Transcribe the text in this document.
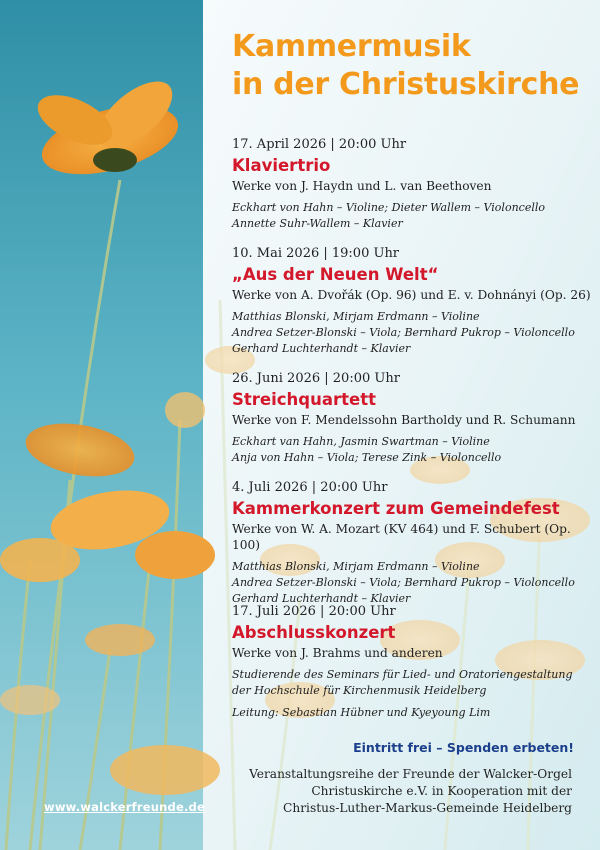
Kammermusik
in der Christuskirche
17. April 2026 | 20:00 Uhr
Klaviertrio
Werke von J. Haydn und L. van Beethoven
Eckhart von Hahn – Violine; Dieter Wallem – Violoncello
Annette Suhr-Wallem – Klavier
10. Mai 2026 | 19:00 Uhr
„Aus der Neuen Welt“
Werke von A. Dvořák (Op. 96) und E. v. Dohnányi (Op. 26)
Matthias Blonski, Mirjam Erdmann – Violine
Andrea Setzer-Blonski – Viola; Bernhard Pukrop – Violoncello
Gerhard Luchterhandt – Klavier
26. Juni 2026 | 20:00 Uhr
Streichquartett
Werke von F. Mendelssohn Bartholdy und R. Schumann
Eckhart van Hahn, Jasmin Swartman – Violine
Anja von Hahn – Viola; Terese Zink – Violoncello
4. Juli 2026 | 20:00 Uhr
Kammerkonzert zum Gemeindefest
Werke von W. A. Mozart (KV 464) und F. Schubert (Op. 100)
Matthias Blonski, Mirjam Erdmann – Violine
Andrea Setzer-Blonski – Viola; Bernhard Pukrop – Violoncello
Gerhard Luchterhandt – Klavier
17. Juli 2026 | 20:00 Uhr
Abschlusskonzert
Werke von J. Brahms und anderen
Studierende des Seminars für Lied- und Oratoriengestaltung
der Hochschule für Kirchenmusik Heidelberg
Leitung: Sebastian Hübner und Kyeyoung Lim
Eintritt frei – Spenden erbeten!
Veranstaltungsreihe der Freunde der Walcker-Orgel
Christuskirche e.V. in Kooperation mit der
Christus-Luther-Markus-Gemeinde Heidelberg
www.walckerfreunde.de
